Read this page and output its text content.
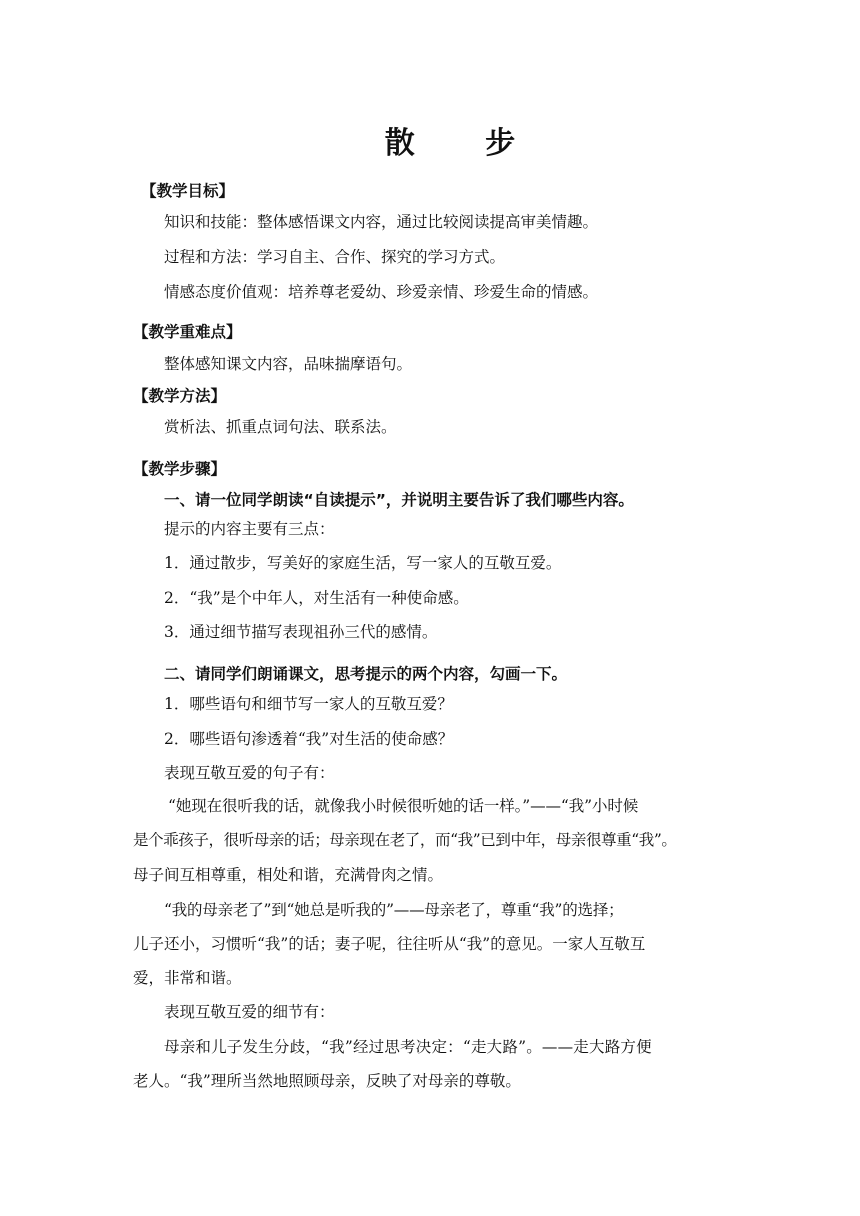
散 步
【教学目标】
知识和技能：整体感悟课文内容，通过比较阅读提高审美情趣。
过程和方法：学习自主、合作、探究的学习方式。
情感态度价值观：培养尊老爱幼、珍爱亲情、珍爱生命的情感。
【教学重难点】
整体感知课文内容，品味揣摩语句。
【教学方法】
赏析法、抓重点词句法、联系法。
【教学步骤】
一、请一位同学朗读“自读提示”，并说明主要告诉了我们哪些内容。
提示的内容主要有三点：
1．通过散步，写美好的家庭生活，写一家人的互敬互爱。
2．“我”是个中年人，对生活有一种使命感。
3．通过细节描写表现祖孙三代的感情。
二、请同学们朗诵课文，思考提示的两个内容，勾画一下。
1．哪些语句和细节写一家人的互敬互爱？
2．哪些语句渗透着“我”对生活的使命感？
表现互敬互爱的句子有：
“她现在很听我的话，就像我小时候很听她的话一样。”——“我”小时候
是个乖孩子，很听母亲的话；母亲现在老了，而“我”已到中年，母亲很尊重“我”。
母子间互相尊重，相处和谐，充满骨肉之情。
“我的母亲老了”到“她总是听我的”——母亲老了，尊重“我”的选择；
儿子还小，习惯听“我”的话；妻子呢，往往听从“我”的意见。一家人互敬互
爱，非常和谐。
表现互敬互爱的细节有：
母亲和儿子发生分歧，“我”经过思考决定：“走大路”。——走大路方便
老人。“我”理所当然地照顾母亲，反映了对母亲的尊敬。
